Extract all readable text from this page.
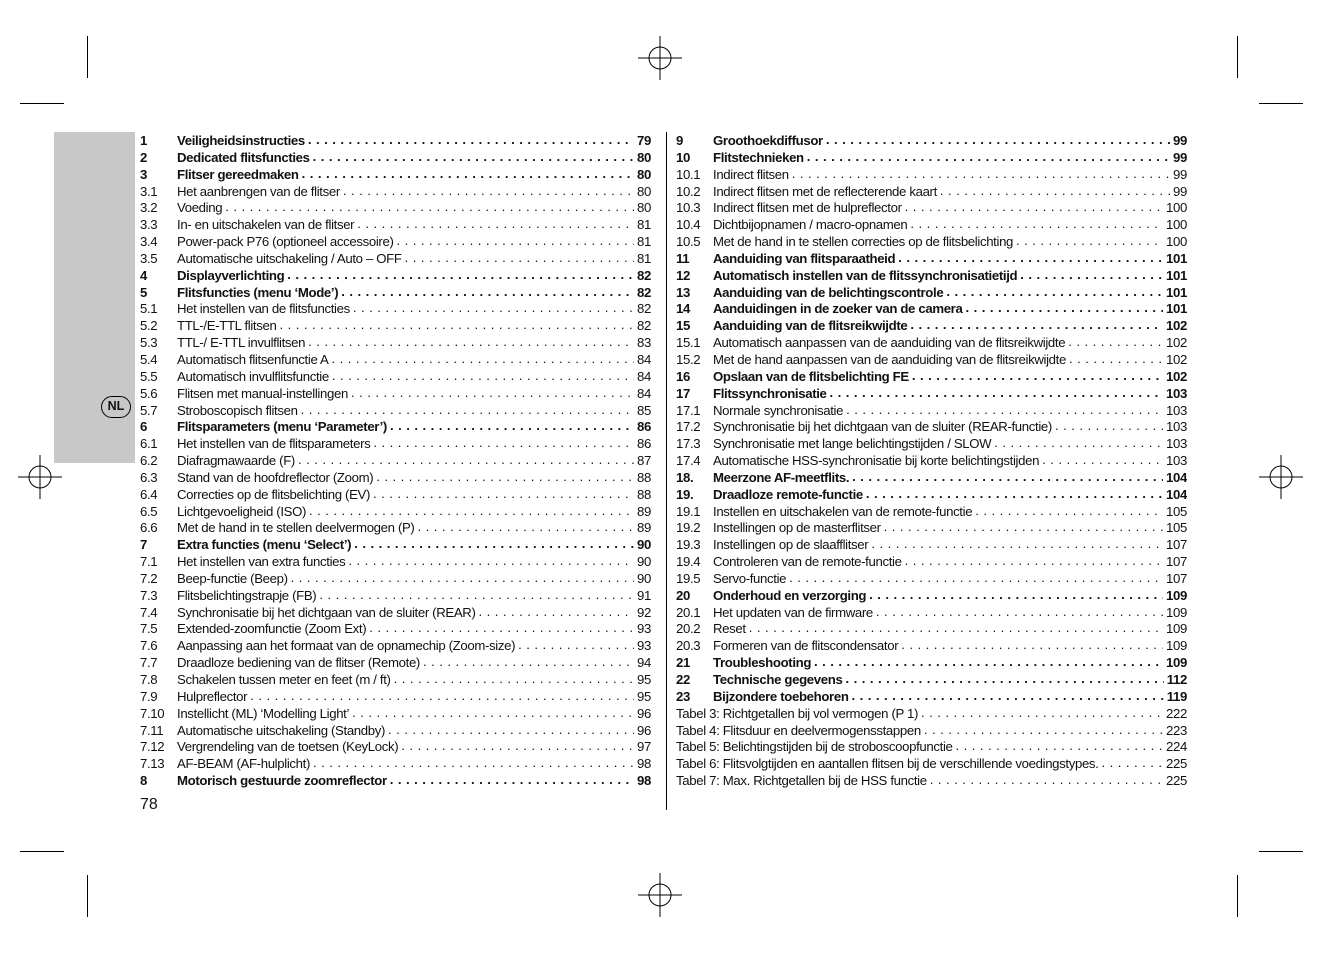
NL
1	Veiligheidsinstructies . . .	79
2	Dedicated flitsfuncties . . .	80
3	Flitser gereedmaken . . .	80
3.1	Het aanbrengen van de flitser . . .	80
3.2	Voeding . . .	80
3.3	In- en uitschakelen van de flitser . . .	81
3.4	Power-pack P76 (optioneel accessoire) . . .	81
3.5	Automatische uitschakeling / Auto – OFF . . .	81
4	Displayverlichting . . .	82
5	Flitsfuncties (menu ‘Mode’) . . .	82
5.1	Het instellen van de flitsfuncties . . .	82
5.2	TTL-/E-TTL flitsen . . .	82
5.3	TTL-/ E-TTL invulflitsen . . .	83
5.4	Automatisch flitsenfunctie A . . .	84
5.5	Automatisch invulflitsfunctie . . .	84
5.6	Flitsen met manual-instellingen . . .	84
5.7	Stroboscopisch flitsen . . .	85
6	Flitsparameters (menu ‘Parameter’) . . .	86
6.1	Het instellen van de flitsparameters . . .	86
6.2	Diafragmawaarde (F) . . .	87
6.3	Stand van de hoofdreflector (Zoom) . . .	88
6.4	Correcties op de flitsbelichting (EV) . . .	88
6.5	Lichtgevoeligheid (ISO) . . .	89
6.6	Met de hand in te stellen deelvermogen (P) . . .	89
7	Extra functies (menu ‘Select’) . . .	90
7.1	Het instellen van extra functies . . .	90
7.2	Beep-functie (Beep) . . .	90
7.3	Flitsbelichtingstrapje (FB) . . .	91
7.4	Synchronisatie bij het dichtgaan van de sluiter (REAR) . . .	92
7.5	Extended-zoomfunctie (Zoom Ext) . . .	93
7.6	Aanpassing aan het formaat van de opnamechip (Zoom-size) . . .	93
7.7	Draadloze bediening van de flitser (Remote) . . .	94
7.8	Schakelen tussen meter en feet (m / ft) . . .	95
7.9	Hulpreflector . . .	95
7.10 Instellicht (ML) ‘Modelling Light’ . . .	96
7.11	Automatische uitschakeling (Standby) . . .	96
7.12 Vergrendeling van de toetsen (KeyLock) . . .	97
7.13 AF-BEAM (AF-hulplicht) . . .	98
8	Motorisch gestuurde zoomreflector . . .	98
9	Groothoekdiffusor . . .	99
10	Flitstechnieken . . .	99
10.1 Indirect flitsen . . .	99
10.2 Indirect flitsen met de reflecterende kaart . . .	99
10.3 Indirect flitsen met de hulpreflector . . .	100
10.4 Dichtbijopnamen / macro-opnamen . . .	100
10.5 Met de hand in te stellen correcties op de flitsbelichting . . .	100
11	Aanduiding van flitsparaatheid . . .	101
12	Automatisch instellen van de flitssynchronisatietijd . . .	101
13	Aanduiding van de belichtingscontrole . . .	101
14	Aanduidingen in de zoeker van de camera . . .	101
15	Aanduiding van de flitsreikwijdte . . .	102
15.1 Automatisch aanpassen van de aanduiding van de flitsreikwijdte . . .	102
15.2 Met de hand aanpassen van de aanduiding van de flitsreikwijdte . . .	102
16	Opslaan van de flitsbelichting FE . . .	102
17	Flitssynchronisatie . . .	103
17.1 Normale synchronisatie . . .	103
17.2 Synchronisatie bij het dichtgaan van de sluiter (REAR-functie) . . .	103
17.3 Synchronisatie met lange belichtingstijden / SLOW . . .	103
17.4 Automatische HSS-synchronisatie bij korte belichtingstijden . . .	103
18.	Meerzone AF-meetflits. . . .	104
19.	Draadloze remote-functie . . .	104
19.1 Instellen en uitschakelen van de remote-functie . . .	105
19.2 Instellingen op de masterflitser . . .	105
19.3 Instellingen op de slaafflitser . . .	107
19.4 Controleren van de remote-functie . . .	107
19.5 Servo-functie . . .	107
20	Onderhoud en verzorging . . .	109
20.1 Het updaten van de firmware . . .	109
20.2 Reset . . .	109
20.3 Formeren van de flitscondensator . . .	109
21	Troubleshooting . . .	109
22	Technische gegevens . . .	112
23	Bijzondere toebehoren . . .	119
Tabel 3: Richtgetallen bij vol vermogen (P 1) . . .	222
Tabel 4: Flitsduur en deelvermogensstappen . . .	223
Tabel 5: Belichtingstijden bij de stroboscoopfunctie . . .	224
Tabel 6: Flitsvolgtijden en aantallen flitsen bij de verschillende voedingstypes. . . .	225
Tabel 7: Max. Richtgetallen bij de HSS functie . . .	225
78
